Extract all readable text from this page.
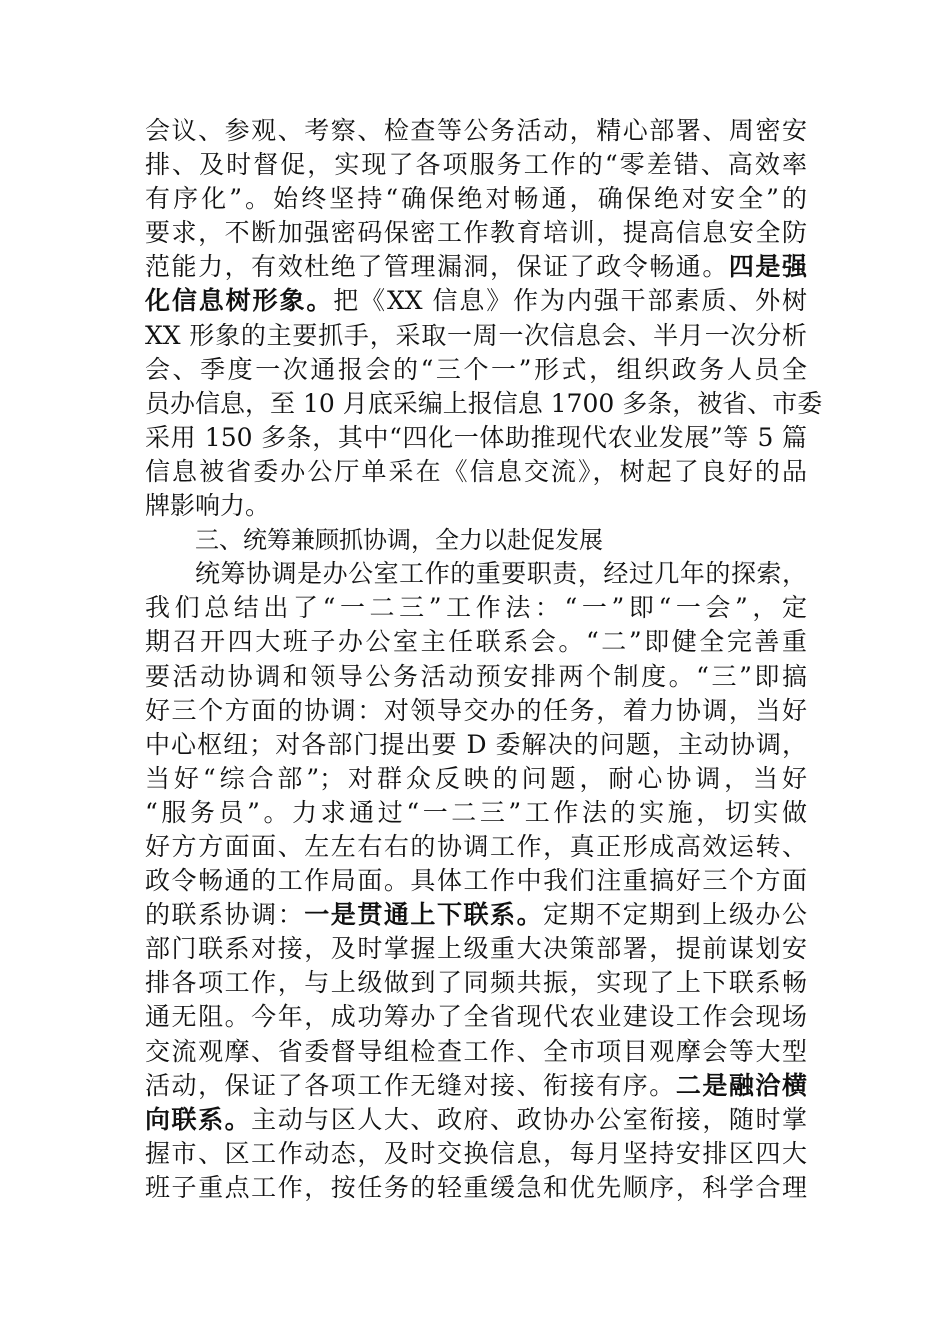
会议、参观、考察、检查等公务活动，精心部署、周密安
排、及时督促，实现了各项服务工作的“零差错、高效率
有序化”。始终坚持“确保绝对畅通，确保绝对安全”的
要求，不断加强密码保密工作教育培训，提高信息安全防
范能力，有效杜绝了管理漏洞，保证了政令畅通。四是强
化信息树形象。把《XX 信息》作为内强干部素质、外树
XX 形象的主要抓手，采取一周一次信息会、半月一次分析
会、季度一次通报会的“三个一”形式，组织政务人员全
员办信息，至 10 月底采编上报信息 1700 多条，被省、市委
采用 150 多条，其中“四化一体助推现代农业发展”等 5 篇
信息被省委办公厅单采在《信息交流》，树起了良好的品
牌影响力。
三、统筹兼顾抓协调，全力以赴促发展
统筹协调是办公室工作的重要职责，经过几年的探索，
我们总结出了“一二三”工作法：“一”即“一会”，定
期召开四大班子办公室主任联系会。“二”即健全完善重
要活动协调和领导公务活动预安排两个制度。“三”即搞
好三个方面的协调：对领导交办的任务，着力协调，当好
中心枢纽；对各部门提出要 D 委解决的问题，主动协调，
当好“综合部”；对群众反映的问题，耐心协调，当好
“服务员”。力求通过“一二三”工作法的实施，切实做
好方方面面、左左右右的协调工作，真正形成高效运转、
政令畅通的工作局面。具体工作中我们注重搞好三个方面
的联系协调：一是贯通上下联系。定期不定期到上级办公
部门联系对接，及时掌握上级重大决策部署，提前谋划安
排各项工作，与上级做到了同频共振，实现了上下联系畅
通无阻。今年，成功筹办了全省现代农业建设工作会现场
交流观摩、省委督导组检查工作、全市项目观摩会等大型
活动，保证了各项工作无缝对接、衔接有序。二是融洽横
向联系。主动与区人大、政府、政协办公室衔接，随时掌
握市、区工作动态，及时交换信息，每月坚持安排区四大
班子重点工作，按任务的轻重缓急和优先顺序，科学合理
